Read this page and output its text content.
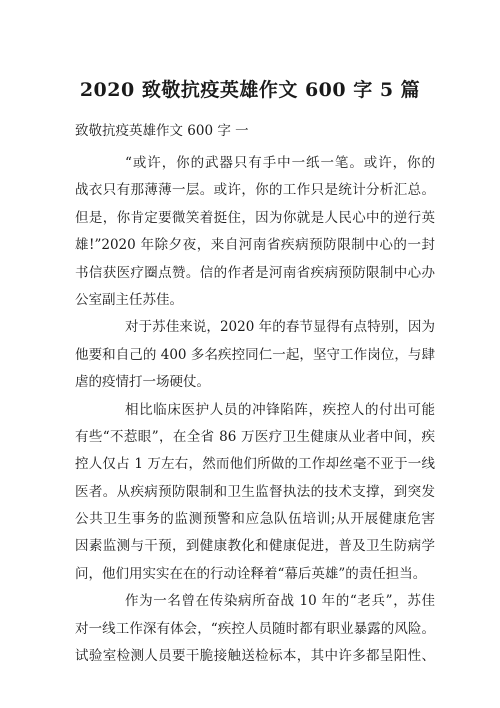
2020 致敬抗疫英雄作文 600 字 5 篇
致敬抗疫英雄作文 600 字 一
“或许，你的武器只有手中一纸一笔。或许，你的
战衣只有那薄薄一层。或许，你的工作只是统计分析汇总。
但是，你肯定要微笑着挺住，因为你就是人民心中的逆行英
雄!”2020 年除夕夜，来自河南省疾病预防限制中心的一封
书信获医疗圈点赞。信的作者是河南省疾病预防限制中心办
公室副主任苏佳。
对于苏佳来说，2020 年的春节显得有点特别，因为
他要和自己的 400 多名疾控同仁一起，坚守工作岗位，与肆
虐的疫情打一场硬仗。
相比临床医护人员的冲锋陷阵，疾控人的付出可能
有些“不惹眼”，在全省 86 万医疗卫生健康从业者中间，疾
控人仅占 1 万左右，然而他们所做的工作却丝毫不亚于一线
医者。从疾病预防限制和卫生监督执法的技术支撑，到突发
公共卫生事务的监测预警和应急队伍培训;从开展健康危害
因素监测与干预，到健康教化和健康促进，普及卫生防病学
问，他们用实实在在的行动诠释着“幕后英雄”的责任担当。
作为一名曾在传染病所奋战 10 年的“老兵”，苏佳
对一线工作深有体会，“疾控人员随时都有职业暴露的风险。
试验室检测人员要干脆接触送检标本，其中许多都呈阳性、
